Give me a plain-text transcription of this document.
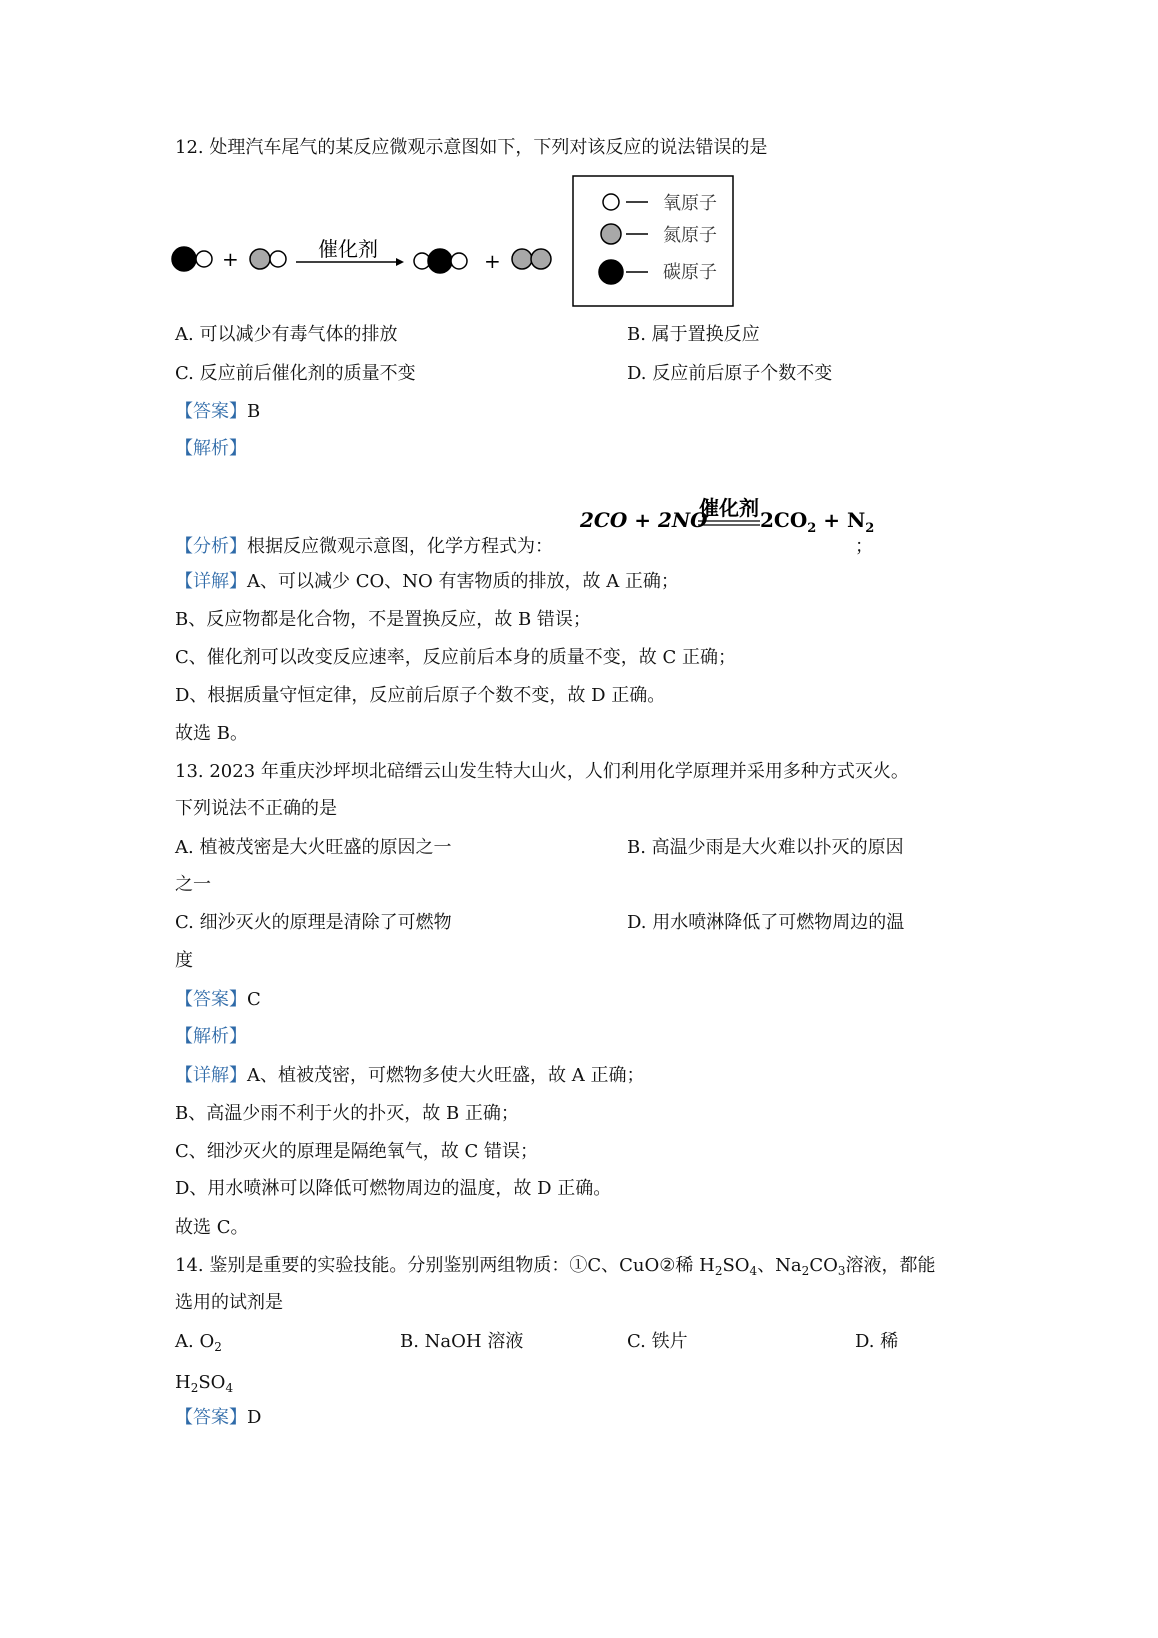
12. 处理汽车尾气的某反应微观示意图如下，下列对该反应的说法错误的是
+	催化剂	+
氧原子
氮原子
碳原子
A. 可以减少有毒气体的排放	B. 属于置换反应
C. 反应前后催化剂的质量不变	D. 反应前后原子个数不变
【答案】B
【解析】
催化剂
2CO + 2NO	$2CO_2 + N_2$
【分析】根据反应微观示意图，化学方程式为：	；
【详解】A、可以减少 CO、NO 有害物质的排放，故 A 正确；
B、反应物都是化合物，不是置换反应，故 B 错误；
C、催化剂可以改变反应速率，反应前后本身的质量不变，故 C 正确；
D、根据质量守恒定律，反应前后原子个数不变，故 D 正确。
故选 B。
13. 2023 年重庆沙坪坝北碚缙云山发生特大山火，人们利用化学原理并采用多种方式灭火。
下列说法不正确的是
A. 植被茂密是大火旺盛的原因之一	B. 高温少雨是大火难以扑灭的原因
之一
C. 细沙灭火的原理是清除了可燃物	D. 用水喷淋降低了可燃物周边的温
度
【答案】C
【解析】
【详解】A、植被茂密，可燃物多使大火旺盛，故 A 正确；
B、高温少雨不利于火的扑灭，故 B 正确；
C、细沙灭火的原理是隔绝氧气，故 C 错误；
D、用水喷淋可以降低可燃物周边的温度，故 D 正确。
故选 C。
14. 鉴别是重要的实验技能。分别鉴别两组物质：①C、CuO②稀 $H_2SO_4$、$Na_2CO_3$溶液，都能
选用的试剂是
A. $O_2$	B. NaOH 溶液	C. 铁片	D. 稀
$H_2SO_4$
【答案】D
